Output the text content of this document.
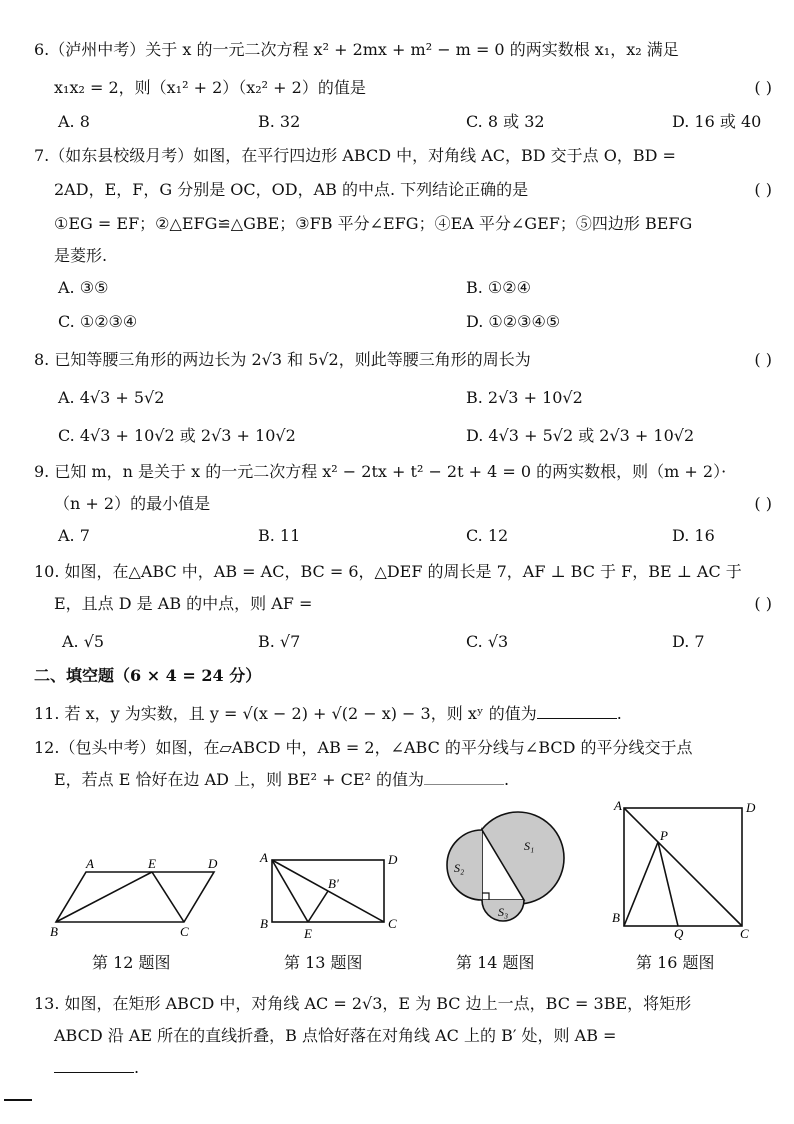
6.（泸州中考）关于 x 的一元二次方程 x² + 2mx + m² − m = 0 的两实数根 x₁，x₂ 满足
x₁x₂ = 2，则（x₁² + 2）（x₂² + 2）的值是	( )
A. 8	B. 32	C. 8 或 32	D. 16 或 40
7.（如东县校级月考）如图，在平行四边形 ABCD 中，对角线 AC，BD 交于点 O，BD =
2AD，E，F，G 分别是 OC，OD，AB 的中点. 下列结论正确的是	( )
①EG = EF；②△EFG≌△GBE；③FB 平分∠EFG；④EA 平分∠GEF；⑤四边形 BEFG
是菱形.
A. ③⑤	B. ①②④
C. ①②③④	D. ①②③④⑤
8. 已知等腰三角形的两边长为 2√3 和 5√2，则此等腰三角形的周长为	( )
A. 4√3 + 5√2	B. 2√3 + 10√2
C. 4√3 + 10√2 或 2√3 + 10√2	D. 4√3 + 5√2 或 2√3 + 10√2
9. 已知 m，n 是关于 x 的一元二次方程 x² − 2tx + t² − 2t + 4 = 0 的两实数根，则（m + 2）·
（n + 2）的最小值是	( )
A. 7	B. 11	C. 12	D. 16
10. 如图，在△ABC 中，AB = AC，BC = 6，△DEF 的周长是 7，AF ⊥ BC 于 F，BE ⊥ AC 于
E，且点 D 是 AB 的中点，则 AF =	( )
A. √5	B. √7	C. √3	D. 7
二、填空题（6 × 4 = 24 分）
11. 若 x，y 为实数，且 y = √(x − 2) + √(2 − x) − 3，则 xʸ 的值为	.
12.（包头中考）如图，在▱ABCD 中，AB = 2，∠ABC 的平分线与∠BCD 的平分线交于点
E，若点 E 恰好在边 AD 上，则 BE² + CE² 的值为	.
A	E	D
B	C
第 12 题图
A	D
B′
B
E
C
第 13 题图
S₁
S₂
S₃
第 14 题图
A	D
P
B
Q	C
第 16 题图
13. 如图，在矩形 ABCD 中，对角线 AC = 2√3，E 为 BC 边上一点，BC = 3BE，将矩形
ABCD 沿 AE 所在的直线折叠，B 点恰好落在对角线 AC 上的 B′ 处，则 AB =
.
